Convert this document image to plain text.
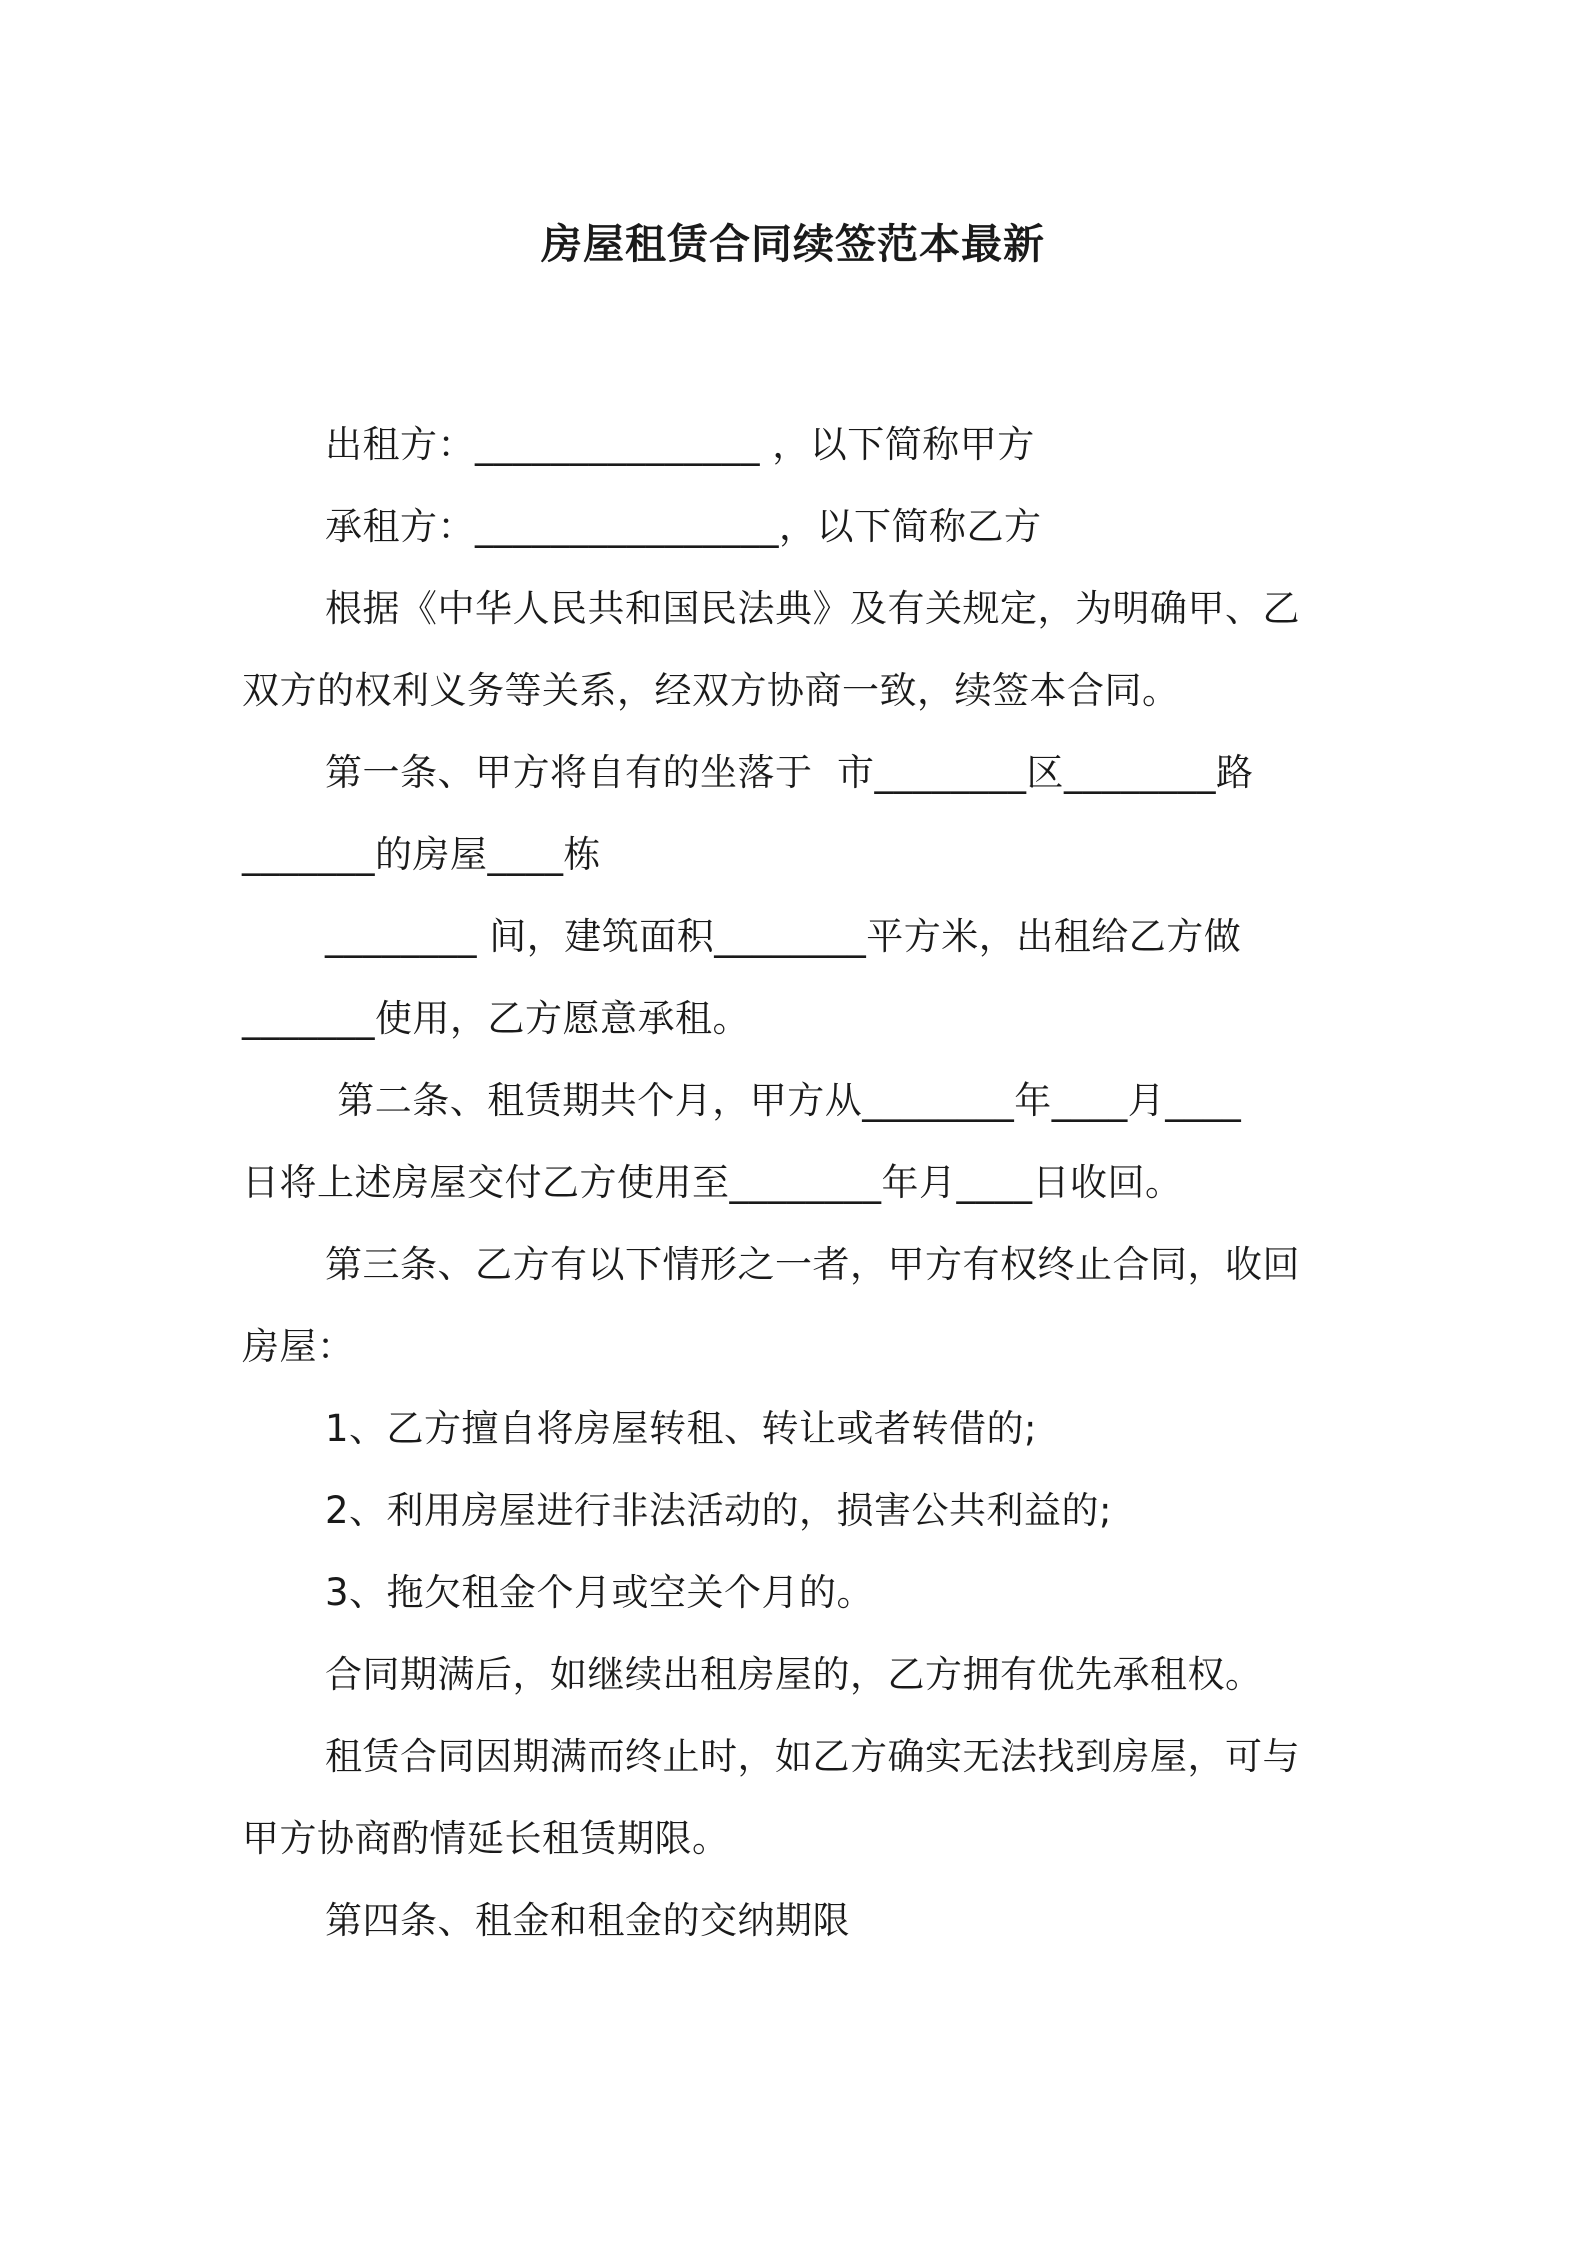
房屋租赁合同续签范本最新
出租方：_______________ ，以下简称甲方
承租方：________________，以下简称乙方
根据《中华人民共和国民法典》及有关规定，为明确甲、乙
双方的权利义务等关系，经双方协商一致，续签本合同。
第一条、甲方将自有的坐落于  市________区________路
_______的房屋____栋
________ 间，建筑面积________平方米，出租给乙方做
_______使用，乙方愿意承租。
第二条、租赁期共个月，甲方从________年____月____
日将上述房屋交付乙方使用至________年月____日收回。
第三条、乙方有以下情形之一者，甲方有权终止合同，收回
房屋：
1、乙方擅自将房屋转租、转让或者转借的;
2、利用房屋进行非法活动的，损害公共利益的;
3、拖欠租金个月或空关个月的。
合同期满后，如继续出租房屋的，乙方拥有优先承租权。
租赁合同因期满而终止时，如乙方确实无法找到房屋，可与
甲方协商酌情延长租赁期限。
第四条、租金和租金的交纳期限
